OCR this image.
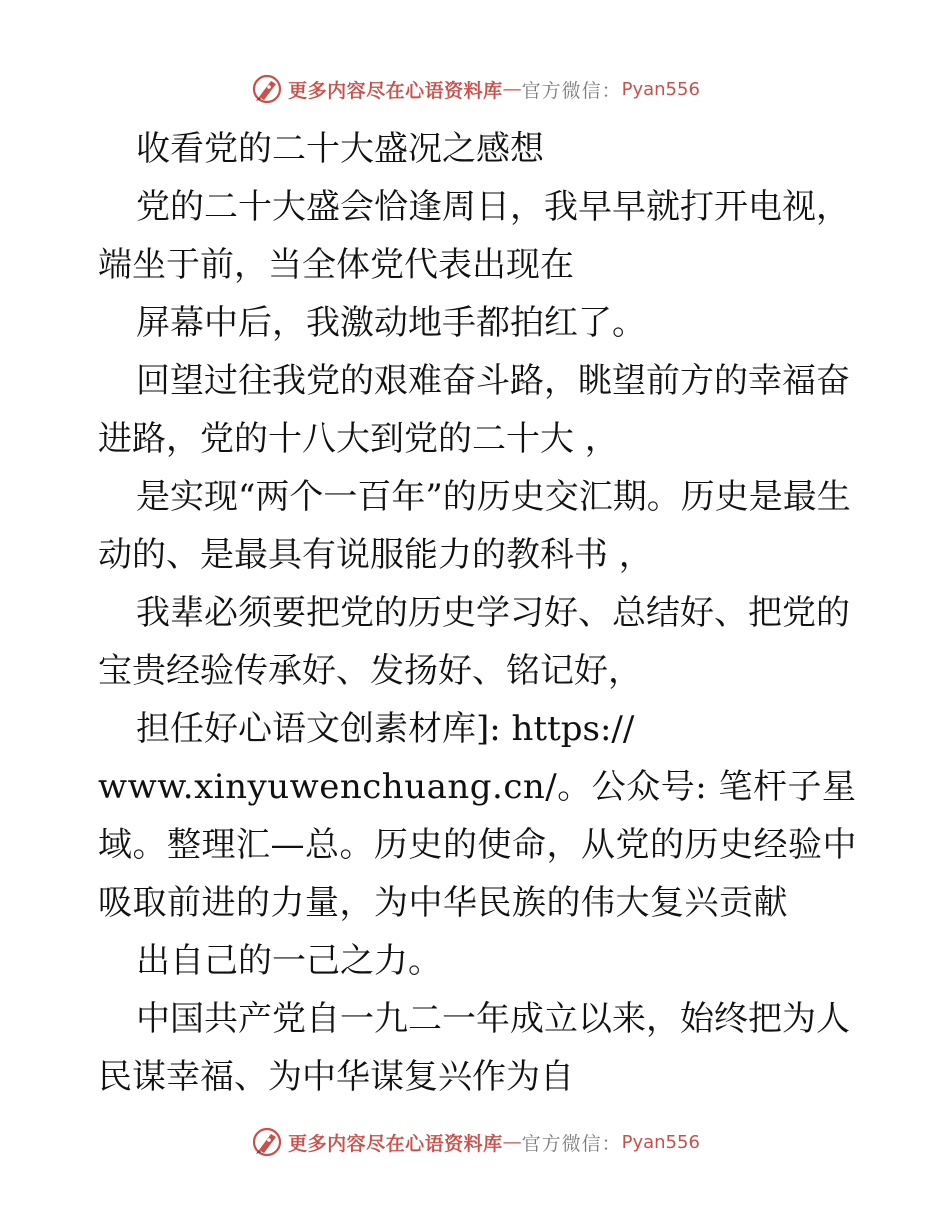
更多内容尽在心语资料库 — 官方微信： Pyan556

收看党的二十大盛况之感想

党的二十大盛会恰逢周日，我早早就打开电视，端坐于前，当全体党代表出现在

屏幕中后，我激动地手都拍红了。

回望过往我党的艰难奋斗路，眺望前方的幸福奋进路，党的十八大到党的二十大 ，

是实现“两个一百年”的历史交汇期。历史是最生动的、是最具有说服能力的教科书 ，

我辈必须要把党的历史学习好、总结好、把党的宝贵经验传承好、发扬好、铭记好，

担任好心语文创素材库]: https://

www.xinyuwenchuang.cn/。公众号: 笔杆子星域。整理汇—总。历史的使命，从党的历史经验中吸取前进的力量，为中华民族的伟大复兴贡献

出自己的一己之力。

中国共产党自一九二一年成立以来，始终把为人民谋幸福、为中华谋复兴作为自

更多内容尽在心语资料库 — 官方微信： Pyan556
